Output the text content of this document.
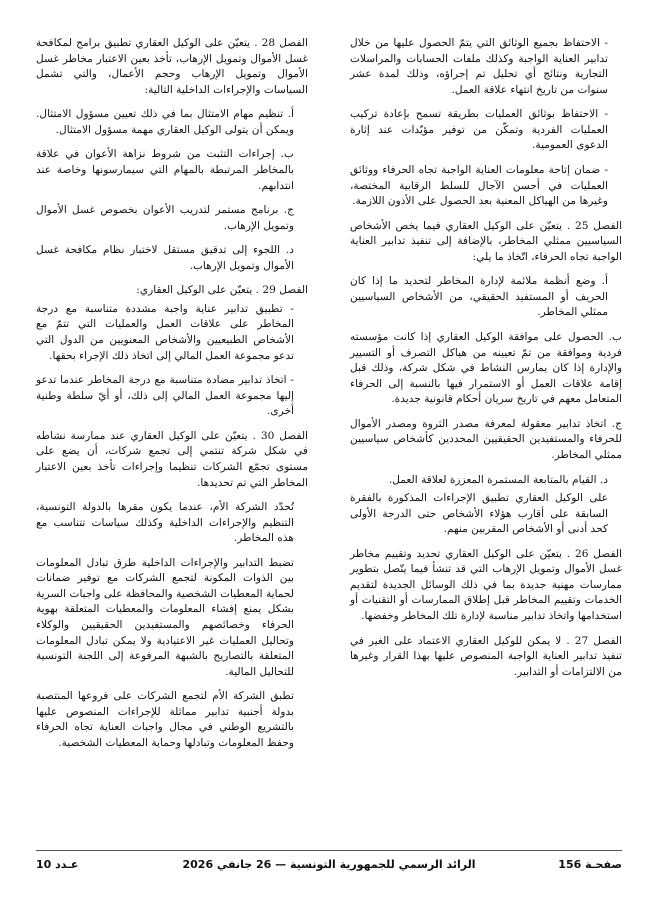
- الاحتفاظ بجميع الوثائق التي يتمّ الحصول عليها من خلال تدابير العناية الواجبة وكذلك ملفات الحسابات والمراسلات التجارية ونتائج أي تحليل تم إجراؤه، وذلك لمدة عشر سنوات من تاريخ انتهاء علاقة العمل.

- الاحتفاظ بوثائق العمليات بطريقة تسمح بإعادة تركيب العمليات الفردية وتمكّن من توفير مؤيّدات عند إثارة الدعوى العمومية.

- ضمان إتاحة معلومات العناية الواجبة تجاه الحرفاء ووثائق العمليات في أحسن الآجال للسلط الرقابية المختصة، وغيرها من الهياكل المعنية بعد الحصول على الأذون اللازمة.

الفصل 25 . يتعيّن على الوكيل العقاري فيما يخص الأشخاص السياسيين ممثلي المخاطر، بالإضافة إلى تنفيذ تدابير العناية الواجبة تجاه الحرفاء، اتّخاذ ما يلي:

أ. وضع أنظمة ملائمة لإدارة المخاطر لتحديد ما إذا كان الحريف أو المستفيد الحقيقي، من الأشخاص السياسيين ممثلي المخاطر.

ب. الحصول على موافقة الوكيل العقاري إذا كانت مؤسسته فردية وموافقة من تمّ تعيينه من هياكل التصرف أو التسيير والإدارة إذا كان يمارس النشاط في شكل شركة، وذلك قبل إقامة علاقات العمل أو الاستمرار فيها بالنسبة إلى الحرفاء المتعامل معهم في تاريخ سريان أحكام قانونية جديدة.

ج. اتخاذ تدابير معقولة لمعرفة مصدر الثروة ومصدر الأموال للحرفاء والمستفيدين الحقيقيين المحددين كأشخاص سياسيين ممثلي المخاطر.

د. القيام بالمتابعة المستمرة المعززة لعلاقة العمل.

على الوكيل العقاري تطبيق الإجراءات المذكورة بالفقرة السابقة على أقارب هؤلاء الأشخاص حتى الدرجة الأولى كحد أدنى أو الأشخاص المقربين منهم.

الفصل 26 . يتعيّن على الوكيل العقاري تحديد وتقييم مخاطر غسل الأموال وتمويل الإرهاب التي قد تنشأ فيما يتّصل بتطوير ممارسات مهنية جديدة بما في ذلك الوسائل الجديدة لتقديم الخدمات وتقييم المخاطر قبل إطلاق الممارسات أو التقنيات أو استخدامها واتخاذ تدابير مناسبة لإدارة تلك المخاطر وخفضها.

الفصل 27 . لا يمكن للوكيل العقاري الاعتماد على الغير في تنفيذ تدابير العناية الواجبة المنصوص عليها بهذا القرار وغيرها من الالتزامات أو التدابير.

الفصل 28 . يتعيّن على الوكيل العقاري تطبيق برامج لمكافحة غسل الأموال وتمويل الإرهاب، تأخذ بعين الاعتبار مخاطر غسل الأموال وتمويل الإرهاب وحجم الأعمال، والتي تشمل السياسات والإجراءات الداخلية التالية:

أ. تنظيم مهام الامتثال بما في ذلك تعيين مسؤول الامتثال. ويمكن أن يتولى الوكيل العقاري مهمة مسؤول الامتثال.

ب. إجراءات التثبت من شروط نزاهة الأعوان في علاقة بالمخاطر المرتبطة بالمهام التي سيمارسونها وخاصة عند انتدابهم.

ج. برنامج مستمر لتدريب الأعوان بخصوص غسل الأموال وتمويل الإرهاب.

د. اللجوء إلى تدقيق مستقل لاختبار نظام مكافحة غسل الأموال وتمويل الإرهاب.

الفصل 29 . يتعيّن على الوكيل العقاري:

- تطبيق تدابير عناية واجبة مشددة متناسبة مع درجة المخاطر على علاقات العمل والعمليات التي تتمّ مع الأشخاص الطبيعيين والأشخاص المعنويين من الدول التي تدعو مجموعة العمل المالي إلى اتخاذ ذلك الإجراء بحقها.

- اتخاذ تدابير مضادة متناسبة مع درجة المخاطر عندما تدعو إليها مجموعة العمل المالي إلى ذلك، أو أيّ سلطة وطنية أخرى.

الفصل 30 . يتعيّن على الوكيل العقاري عند ممارسة نشاطه في شكل شركة تنتمي إلى تجمع شركات، أن يضع على مستوى تجمّع الشركات تنظيما وإجراءات تأخذ بعين الاعتبار المخاطر التي تم تحديدها.

تُحدّد الشركة الأم، عندما يكون مقرها بالدولة التونسية، التنظيم والإجراءات الداخلية وكذلك سياسات تتناسب مع هذه المخاطر.

تضبط التدابير والإجراءات الداخلية طرق تبادل المعلومات بين الذوات المكونة لتجمع الشركات مع توفير ضمانات لحماية المعطيات الشخصية والمحافظة على واجبات السرية بشكل يمنع إفشاء المعلومات والمعطيات المتعلقة بهوية الحرفاء وخصائصهم والمستفيدين الحقيقيين والوكلاء وتحاليل العمليات غير الاعتيادية ولا يمكن تبادل المعلومات المتعلقة بالتصاريح بالشبهة المرفوعة إلى اللجنة التونسية للتحاليل المالية.

تطبق الشركة الأم لتجمع الشركات على فروعها المنتصبة بدولة أجنبية تدابير مماثلة للإجراءات المنصوص عليها بالتشريع الوطني في مجال واجبات العناية تجاه الحرفاء وحفظ المعلومات وتبادلها وحماية المعطيات الشخصية.

صفحـة 156
الرائد الرسمي للجمهورية التونسية — 26 جانفي 2026
عـدد 10
